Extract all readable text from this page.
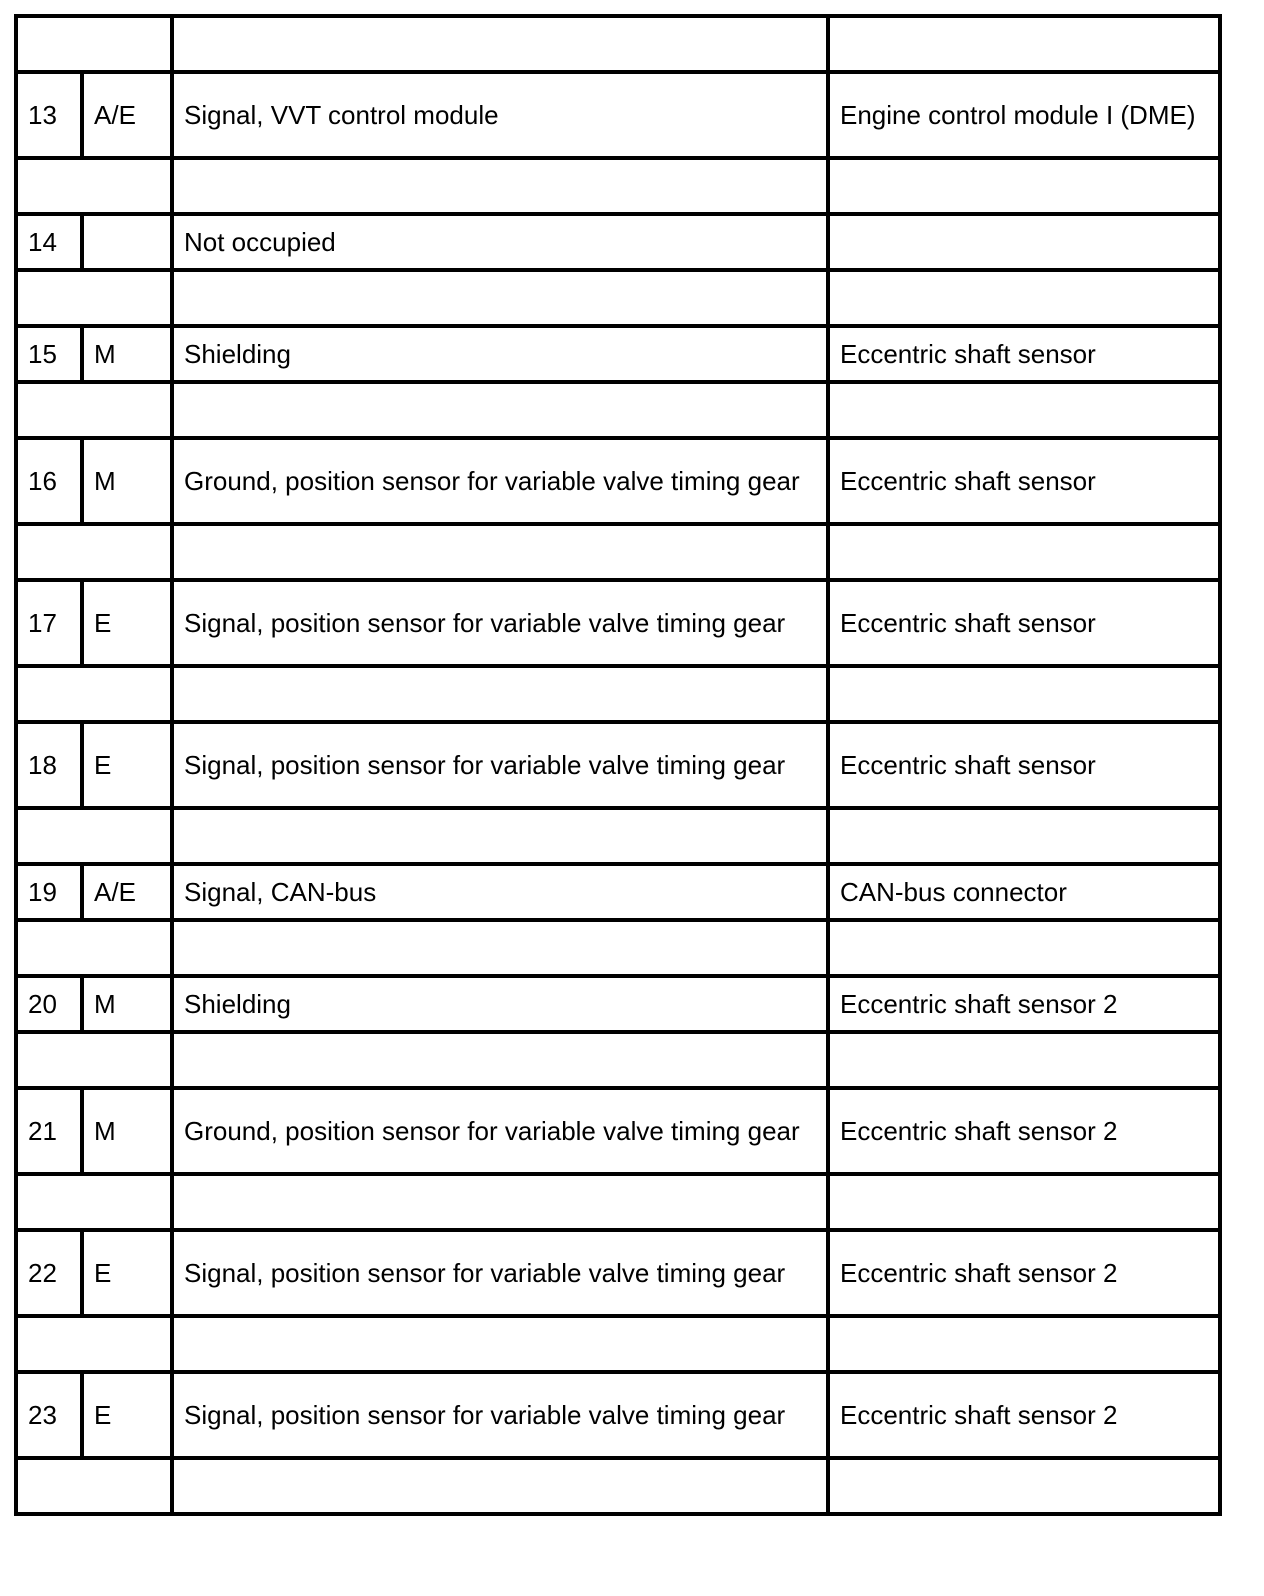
13	A/E	Signal, VVT control module	Engine control module I (DME)

14		Not occupied	

15	M	Shielding	Eccentric shaft sensor

16	M	Ground, position sensor for variable valve timing gear	Eccentric shaft sensor

17	E	Signal, position sensor for variable valve timing gear	Eccentric shaft sensor

18	E	Signal, position sensor for variable valve timing gear	Eccentric shaft sensor

19	A/E	Signal, CAN-bus	CAN-bus connector

20	M	Shielding	Eccentric shaft sensor 2

21	M	Ground, position sensor for variable valve timing gear	Eccentric shaft sensor 2

22	E	Signal, position sensor for variable valve timing gear	Eccentric shaft sensor 2

23	E	Signal, position sensor for variable valve timing gear	Eccentric shaft sensor 2
